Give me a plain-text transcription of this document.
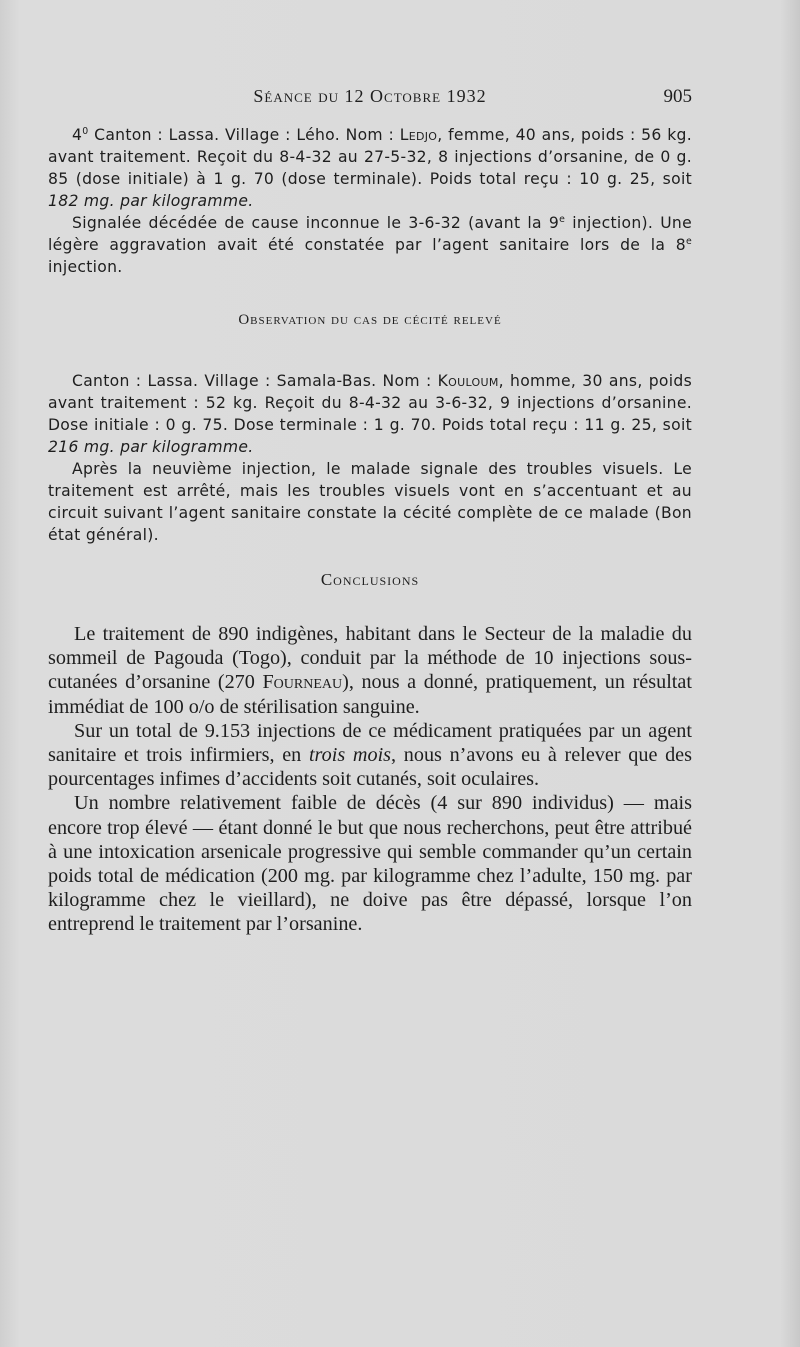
Séance du 12 Octobre 1932	905

$4^0$ Canton : Lassa. Village : Lého. Nom : Ledjo, femme, 40 ans, poids : 56 kg. avant traitement. Reçoit du 8-4-32 au 27-5-32, 8 injections d’orsanine, de 0 g. 85 (dose initiale) à 1 g. 70 (dose terminale). Poids total reçu : 10 g. 25, soit 182 mg. par kilogramme.

Signalée décédée de cause inconnue le 3-6-32 (avant la 9e injection). Une légère aggravation avait été constatée par l’agent sanitaire lors de la 8e injection.

Observation du cas de cécité relevé

Canton : Lassa. Village : Samala-Bas. Nom : Kouloum, homme, 30 ans, poids avant traitement : 52 kg. Reçoit du 8-4-32 au 3-6-32, 9 injections d’orsanine. Dose initiale : 0 g. 75. Dose terminale : 1 g. 70. Poids total reçu : 11 g. 25, soit 216 mg. par kilogramme.

Après la neuvième injection, le malade signale des troubles visuels. Le traitement est arrêté, mais les troubles visuels vont en s’accentuant et au circuit suivant l’agent sanitaire constate la cécité complète de ce malade (Bon état général).

Conclusions

Le traitement de 890 indigènes, habitant dans le Secteur de la maladie du sommeil de Pagouda (Togo), conduit par la méthode de 10 injections sous-cutanées d’orsanine (270 Fourneau), nous a donné, pratiquement, un résultat immédiat de 100 o/o de stérilisation sanguine.

Sur un total de 9.153 injections de ce médicament pratiquées par un agent sanitaire et trois infirmiers, en trois mois, nous n’avons eu à relever que des pourcentages infimes d’accidents soit cutanés, soit oculaires.

Un nombre relativement faible de décès (4 sur 890 individus) — mais encore trop élevé — étant donné le but que nous recherchons, peut être attribué à une intoxication arsenicale progressive qui semble commander qu’un certain poids total de médication (200 mg. par kilogramme chez l’adulte, 150 mg. par kilogramme chez le vieillard), ne doive pas être dépassé, lorsque l’on entreprend le traitement par l’orsanine.
